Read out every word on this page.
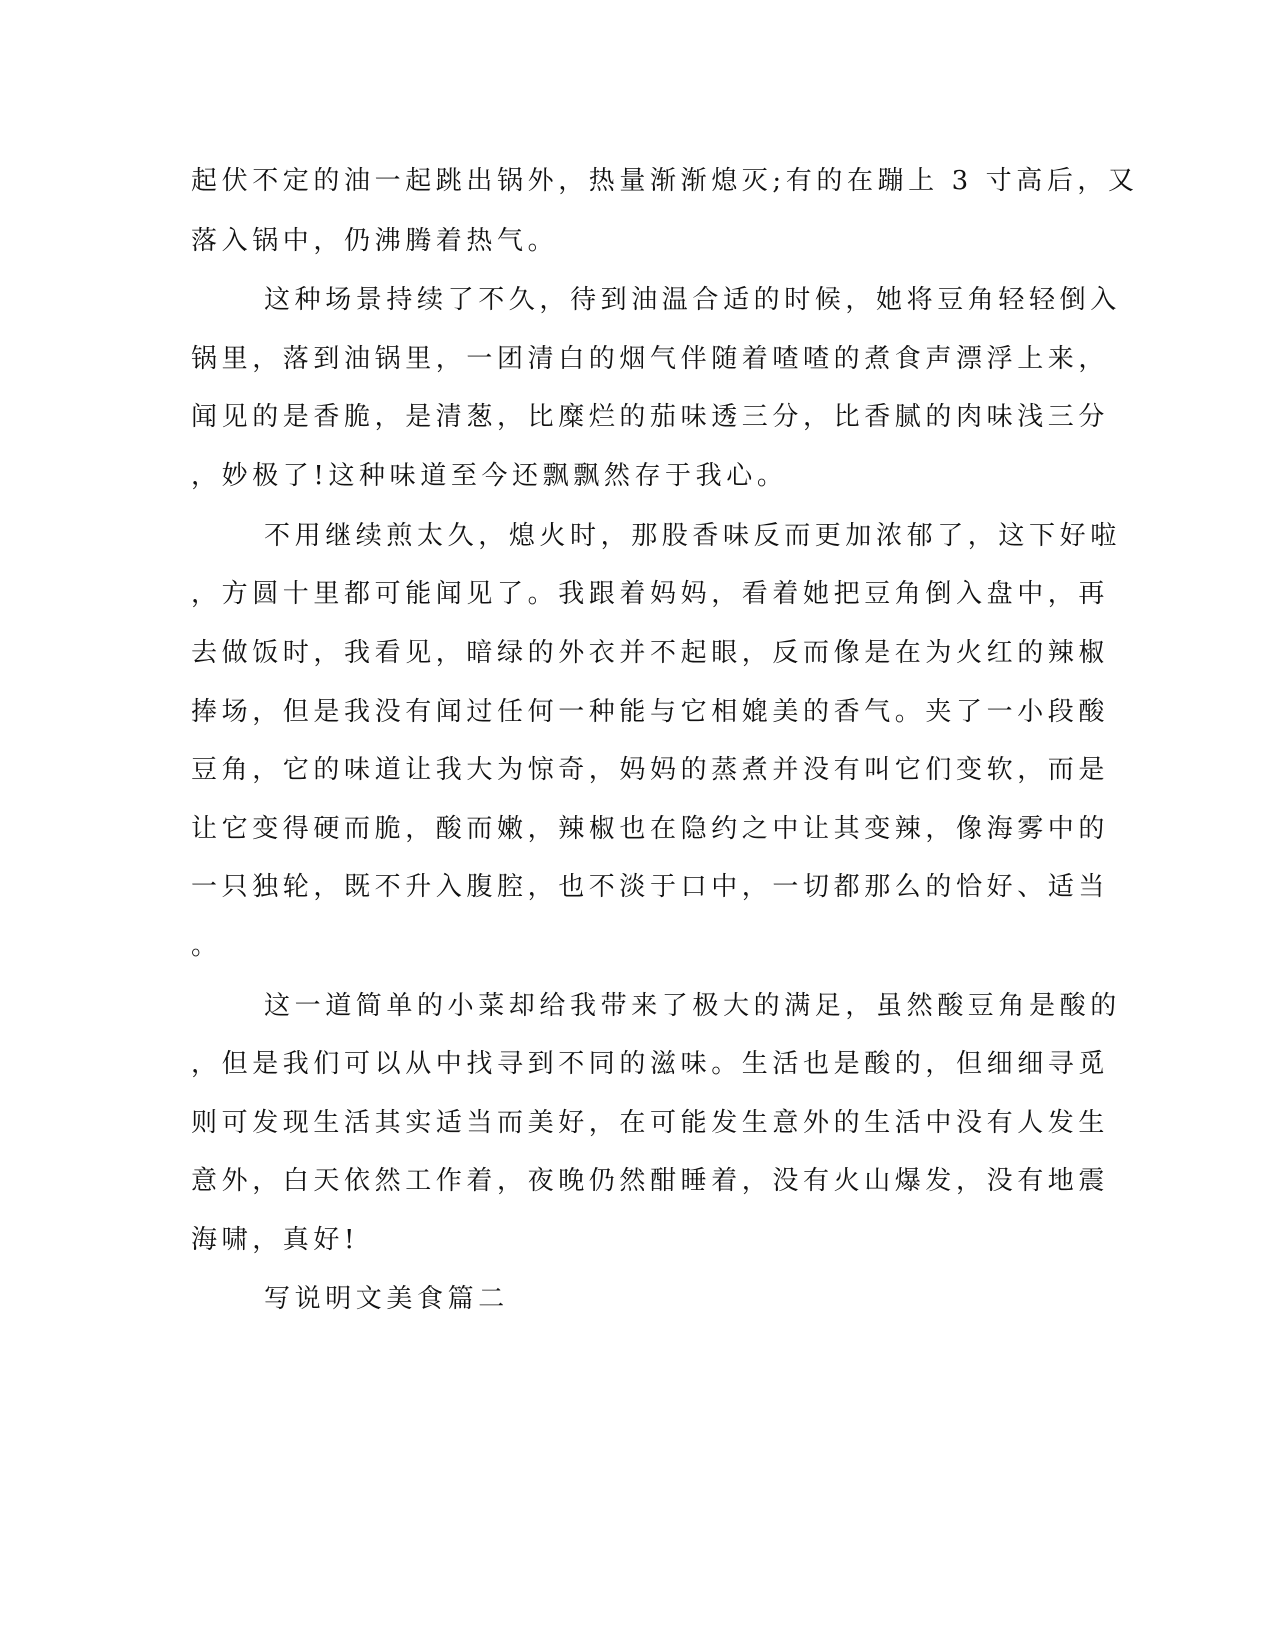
起伏不定的油一起跳出锅外，热量渐渐熄灭;有的在蹦上 3 寸高后，又
落入锅中，仍沸腾着热气。
这种场景持续了不久，待到油温合适的时候，她将豆角轻轻倒入
锅里，落到油锅里，一团清白的烟气伴随着喳喳的煮食声漂浮上来，
闻见的是香脆，是清葱，比糜烂的茄味透三分，比香腻的肉味浅三分
，妙极了!这种味道至今还飘飘然存于我心。
不用继续煎太久，熄火时，那股香味反而更加浓郁了，这下好啦
，方圆十里都可能闻见了。我跟着妈妈，看着她把豆角倒入盘中，再
去做饭时，我看见，暗绿的外衣并不起眼，反而像是在为火红的辣椒
捧场，但是我没有闻过任何一种能与它相媲美的香气。夹了一小段酸
豆角，它的味道让我大为惊奇，妈妈的蒸煮并没有叫它们变软，而是
让它变得硬而脆，酸而嫩，辣椒也在隐约之中让其变辣，像海雾中的
一只独轮，既不升入腹腔，也不淡于口中，一切都那么的恰好、适当
。
这一道简单的小菜却给我带来了极大的满足，虽然酸豆角是酸的
，但是我们可以从中找寻到不同的滋味。生活也是酸的，但细细寻觅
则可发现生活其实适当而美好，在可能发生意外的生活中没有人发生
意外，白天依然工作着，夜晚仍然酣睡着，没有火山爆发，没有地震
海啸，真好!
写说明文美食篇二
